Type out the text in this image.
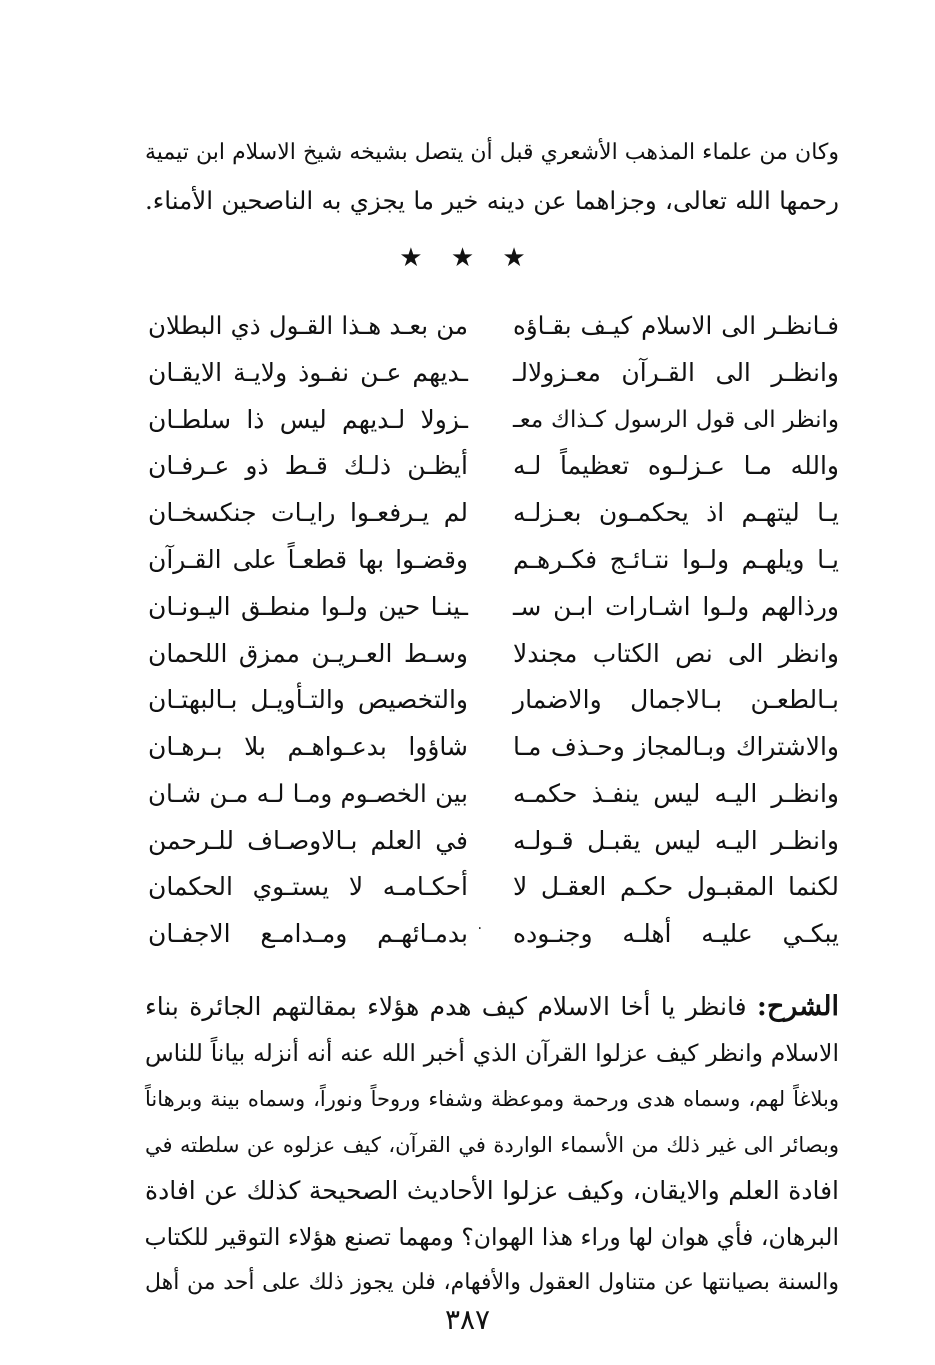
وكان من علماء المذهب الأشعري قبل أن يتصل بشيخه شيخ الاسلام ابن تيمية
رحمها الله تعالى، وجزاهما عن دينه خير ما يجزي به الناصحين الأمناء.
★ ★ ★
فـانظـر الى الاسلام كيـف بقـاؤه
من بعـد هـذا القـول ذي البطلان
وانظـر الى القـرآن معـزولالـ
ـديهم عـن نفـوذ ولايـة الايقـان
وانظر الى قول الرسول كـذاك معـ
ـزولا لـديهم ليس ذا سلطـان
والله مـا عـزلـوه تعظيماً لـه
أيظـن ذلـك قـط ذو عـرفـان
يـا ليتهـم اذ يحكمـون بعـزلـه
لم يـرفعـوا رايـات جنكسخـان
يـا ويلهـم ولـوا نتـائـج فكـرهـم
وقضـوا بها قطعـاً على القـرآن
ورذالهم ولـوا اشـارات ابـن سـ
ـينـا حين ولـوا منطـق اليـونـان
وانظر الى نص الكتاب مجندلا
وسـط العـريـن ممزق اللحمان
بـالطعـن بـالاجمال والاضمار
والتخصيص والتـأويـل بـالبهتـان
والاشتراك وبـالمجاز وحـذف مـا
شاؤوا بدعـواهـم بلا بـرهـان
وانظـر اليـه ليس ينفـذ حكمـه
بين الخصـوم ومـا لـه مـن شـان
وانظـر اليـه ليس يقبـل قـولـه
في العلم بـالاوصـاف للـرحمن
لكنما المقبـول حكـم العقـل لا
أحكـامـه لا يستـوي الحكمان
يبكـي عليـه أهلـه وجنـوده
بدمـائهـم ومـدامـع الاجفـان ٠
الشرح: فانظر يا أخا الاسلام كيف هدم هؤلاء بمقالتهم الجائرة بناء
الاسلام وانظر كيف عزلوا القرآن الذي أخبر الله عنه أنه أنزله بياناً للناس
وبلاغاً لهم، وسماه هدى ورحمة وموعظة وشفاء وروحاً ونوراً، وسماه بينة وبرهاناً
وبصائر الى غير ذلك من الأسماء الواردة في القرآن، كيف عزلوه عن سلطته في
افادة العلم والايقان، وكيف عزلوا الأحاديث الصحيحة كذلك عن افادة
البرهان، فأي هوان لها وراء هذا الهوان؟ ومهما تصنع هؤلاء التوقير للكتاب
والسنة بصيانتها عن متناول العقول والأفهام، فلن يجوز ذلك على أحد من أهل
٣٨٧
